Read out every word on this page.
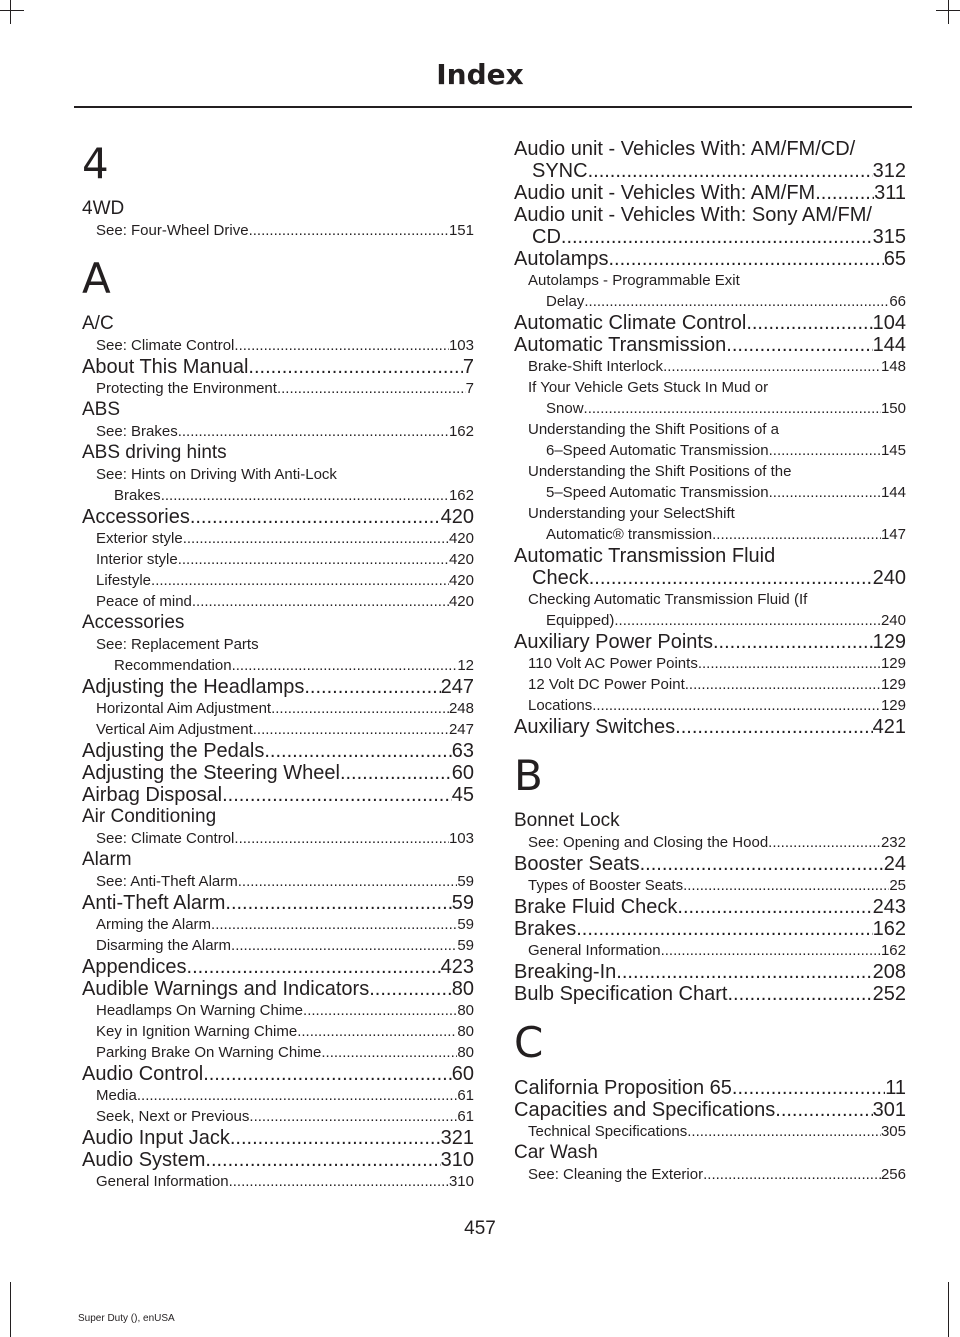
Index
4
4WD
See: Four-Wheel Drive .....	151
A
A/C
See: Climate Control .....	103
About This Manual .....	7
Protecting the Environment .....	7
ABS
See: Brakes .....	162
ABS driving hints
See: Hints on Driving With Anti-Lock
Brakes .....	162
Accessories .....	420
Exterior style .....	420
Interior style .....	420
Lifestyle .....	420
Peace of mind .....	420
Accessories
See: Replacement Parts
Recommendation .....	12
Adjusting the Headlamps .....	247
Horizontal Aim Adjustment .....	248
Vertical Aim Adjustment .....	247
Adjusting the Pedals .....	63
Adjusting the Steering Wheel .....	60
Airbag Disposal .....	45
Air Conditioning
See: Climate Control .....	103
Alarm
See: Anti-Theft Alarm .....	59
Anti-Theft Alarm .....	59
Arming the Alarm .....	59
Disarming the Alarm .....	59
Appendices .....	423
Audible Warnings and Indicators .....	80
Headlamps On Warning Chime .....	80
Key in Ignition Warning Chime .....	80
Parking Brake On Warning Chime .....	80
Audio Control .....	60
Media .....	61
Seek, Next or Previous .....	61
Audio Input Jack .....	321
Audio System .....	310
General Information .....	310
Audio unit - Vehicles With: AM/FM/CD/
SYNC .....	312
Audio unit - Vehicles With: AM/FM .....	311
Audio unit - Vehicles With: Sony AM/FM/
CD .....	315
Autolamps .....	65
Autolamps - Programmable Exit
Delay .....	66
Automatic Climate Control .....	104
Automatic Transmission .....	144
Brake-Shift Interlock .....	148
If Your Vehicle Gets Stuck In Mud or
Snow .....	150
Understanding the Shift Positions of a
6–Speed Automatic Transmission .....	145
Understanding the Shift Positions of the
5–Speed Automatic Transmission .....	144
Understanding your SelectShift
Automatic® transmission .....	147
Automatic Transmission Fluid
Check .....	240
Checking Automatic Transmission Fluid (If
Equipped) .....	240
Auxiliary Power Points .....	129
110 Volt AC Power Points .....	129
12 Volt DC Power Point .....	129
Locations .....	129
Auxiliary Switches .....	421
B
Bonnet Lock
See: Opening and Closing the Hood .....	232
Booster Seats .....	24
Types of Booster Seats .....	25
Brake Fluid Check .....	243
Brakes .....	162
General Information .....	162
Breaking-In .....	208
Bulb Specification Chart .....	252
C
California Proposition 65 .....	11
Capacities and Specifications .....	301
Technical Specifications .....	305
Car Wash
See: Cleaning the Exterior .....	256
457
Super Duty (), enUSA
